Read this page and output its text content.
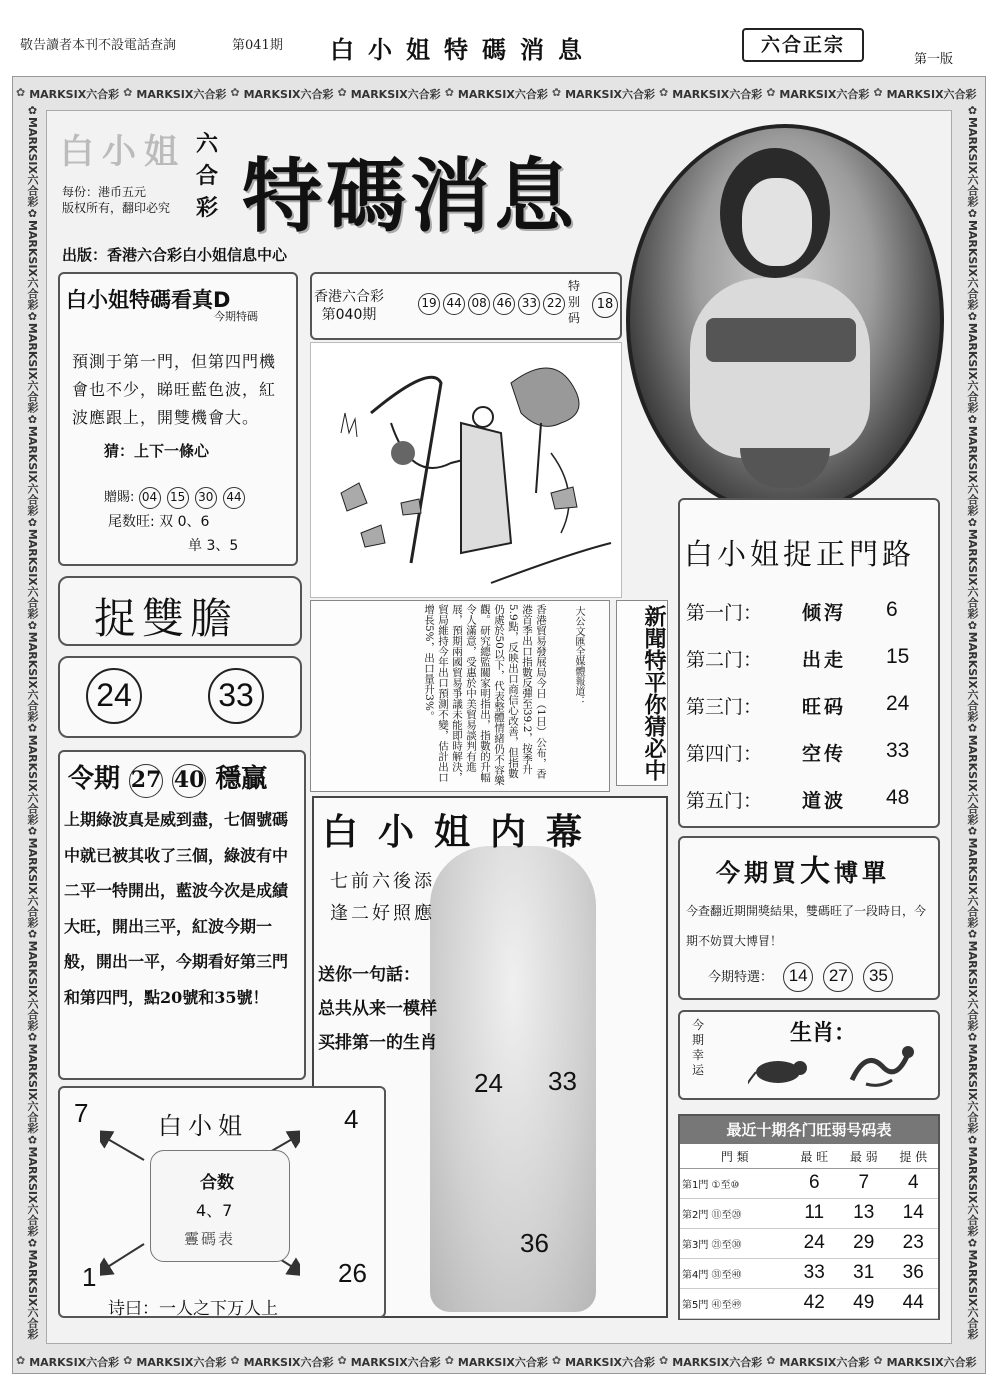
敬告讀者本刊不設電話查詢	第041期 白小姐特碼消息	六合正宗
第一版
✿ MARKSIX六合彩 ✿ MARKSIX六合彩 ✿ MARKSIX六合彩 ✿ MARKSIX六合彩 ✿ MARKSIX六合彩 ✿ MARKSIX六合彩 ✿ MARKSIX六合彩 ✿ MARKSIX六合彩 ✿ MARKSIX六合彩
✿ MARKSIX六合彩 ✿ MARKSIX六合彩 ✿ MARKSIX六合彩 ✿ MARKSIX六合彩 ✿ MARKSIX六合彩 ✿ MARKSIX六合彩 ✿ MARKSIX六合彩 ✿ MARKSIX六合彩 ✿ MARKSIX六合彩
✿MARKSIX六合彩✿MARKSIX六合彩✿MARKSIX六合彩✿MARKSIX六合彩✿MARKSIX六合彩✿MARKSIX六合彩✿MARKSIX六合彩✿MARKSIX六合彩✿MARKSIX六合彩✿MARKSIX六合彩✿MARKSIX六合彩✿MARKSIX六合彩
✿MARKSIX六合彩✿MARKSIX六合彩✿MARKSIX六合彩✿MARKSIX六合彩✿MARKSIX六合彩✿MARKSIX六合彩✿MARKSIX六合彩✿MARKSIX六合彩✿MARKSIX六合彩✿MARKSIX六合彩✿MARKSIX六合彩✿MARKSIX六合彩
白小姐 六合彩 特碼消息
每份：港币五元
版权所有，翻印必究
出版：香港六合彩白小姐信息中心
白小姐特碼看真D
今期特碼
預測于第一門，但第四門機會也不少，睇旺藍色波，紅波應跟上，開雙機會大。
猜：上下一條心
贈賜: 04 15 30 44
尾数旺: 双 0、6
单 3、5
香港六合彩
第040期
19 44 08 46 33 22
特别码
18
捉雙膽
24	33	香港貿易發展局今日（1日）公布，香港首季出口指數反彈至39.2，按季升5.9點，反映出口商信心改善，但指數仍處於50以下，代表整體情緒仍不容樂觀。研究總監關家明指出，指數的升幅令人滿意，受惠於中美貿易談判有進展，預期兩國貿易爭議未能即時解決，貿局維持今年出口預測不變，估計出口增長5%，出口量升3%。	大公文匯全媒體報道：	新聞特平你猜必中
令期 27 40 穩贏
上期綠波真是威到盡，七個號碼中就已被其收了三個，綠波有中二平一特開出，藍波今次是成績大旺，開出三平，紅波今期一般，開出一平，今期看好第三門和第四門，點20號和35號！
白小姐内幕
七前六後添
逢二好照應
送你一句話：
总共从来一模样
买排第一的生肖
24 33
36
白小姐捉正門路
第一门： 倾泻 6
第二门： 出走 15
第三门： 旺码 24
第四门： 空传 33
第五门： 道波 48
今期買大博單
今查翻近期開獎結果，雙碼旺了一段時日，今期不妨買大博冒！
今期特選： 14 27 35
今期幸运
生肖：
最近十期各门旺弱号码表
門 類	最 旺	最 弱	提 供
第1門 ①至⑩	6	7	4
第2門 ⑪至⑳	11	13	14
第3門 ㉑至㉚	24	29	23
第4門 ㉛至㊵	33	31	36
第5門 ㊶至㊾	42	49	44
白小姐
合数
4、7
霻碼表
7	4
1	26
诗曰：一人之下万人上
